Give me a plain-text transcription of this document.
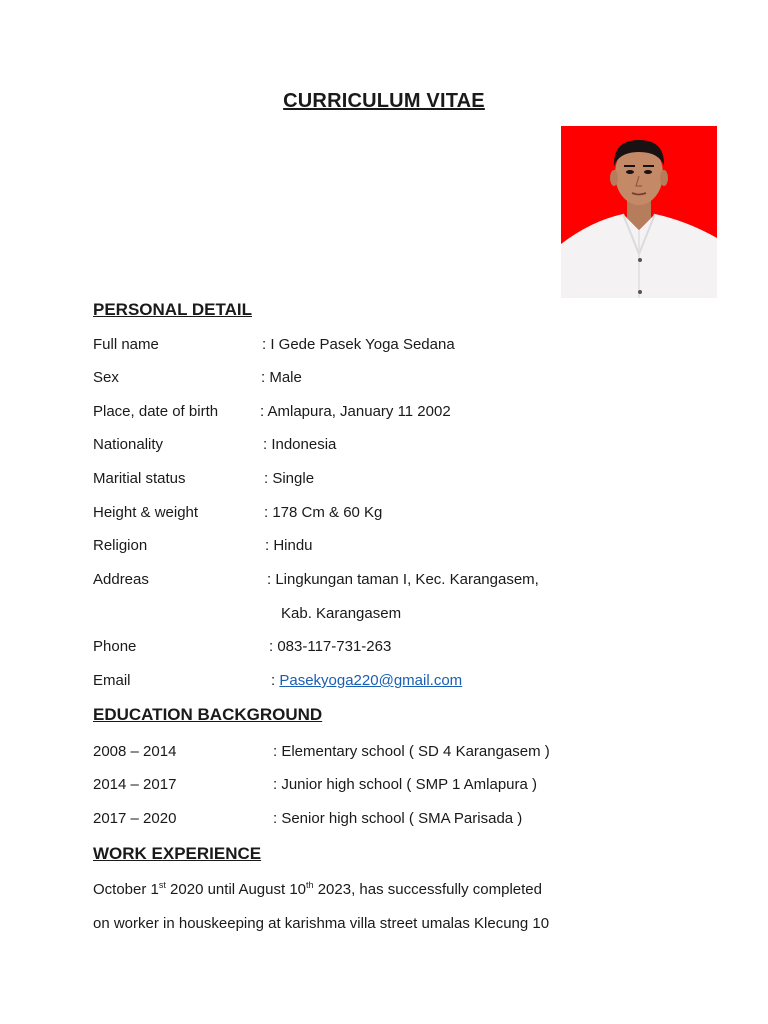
CURRICULUM VITAE
PERSONAL DETAIL
Full name	: I Gede Pasek Yoga Sedana
Sex	: Male
Place, date of birth	: Amlapura, January 11 2002
Nationality	: Indonesia
Maritial status	: Single
Height & weight	: 178 Cm & 60 Kg
Religion	: Hindu
Addreas	: Lingkungan taman I, Kec. Karangasem,
Kab. Karangasem
Phone	: 083-117-731-263
Email	: Pasekyoga220@gmail.com
EDUCATION BACKGROUND
2008 – 2014	: Elementary school ( SD 4 Karangasem )
2014 – 2017	: Junior high school ( SMP 1 Amlapura )
2017 – 2020	: Senior high school ( SMA Parisada )
WORK EXPERIENCE
October 1st 2020 until August 10th 2023, has successfully completed
on worker in houskeeping at karishma villa street umalas Klecung 10
